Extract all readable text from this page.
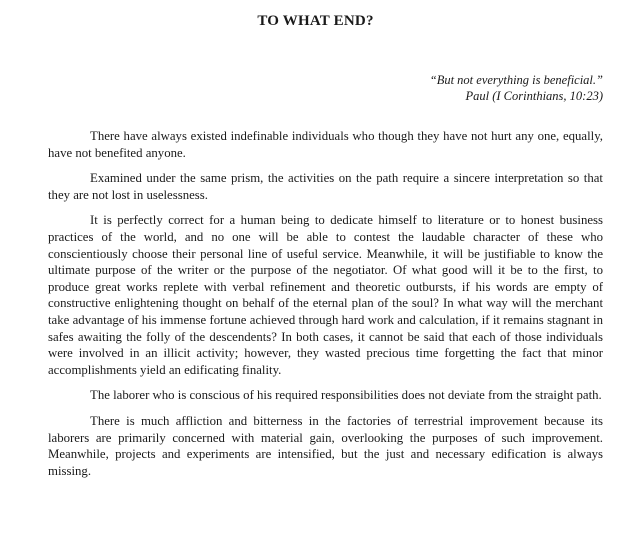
TO WHAT END?
“But not everything is beneficial.”
Paul (I Corinthians, 10:23)

There have always existed indefinable individuals who though they have not hurt any one, equally, have not benefited anyone.

Examined under the same prism, the activities on the path require a sincere interpretation so that they are not lost in uselessness.

It is perfectly correct for a human being to dedicate himself to literature or to honest business practices of the world, and no one will be able to contest the laudable character of these who conscientiously choose their personal line of useful service. Meanwhile, it will be justifiable to know the ultimate purpose of the writer or the purpose of the negotiator. Of what good will it be to the first, to produce great works replete with verbal refinement and theoretic outbursts, if his words are empty of constructive enlightening thought on behalf of the eternal plan of the soul? In what way will the merchant take advantage of his immense fortune achieved through hard work and calculation, if it remains stagnant in safes awaiting the folly of the descendents? In both cases, it cannot be said that each of those individuals were involved in an illicit activity; however, they wasted precious time forgetting the fact that minor accomplishments yield an edificating finality.

The laborer who is conscious of his required responsibilities does not deviate from the straight path.

There is much affliction and bitterness in the factories of terrestrial improvement because its laborers are primarily concerned with material gain, overlooking the purposes of such improvement. Meanwhile, projects and experiments are intensified, but the just and necessary edification is always missing.
